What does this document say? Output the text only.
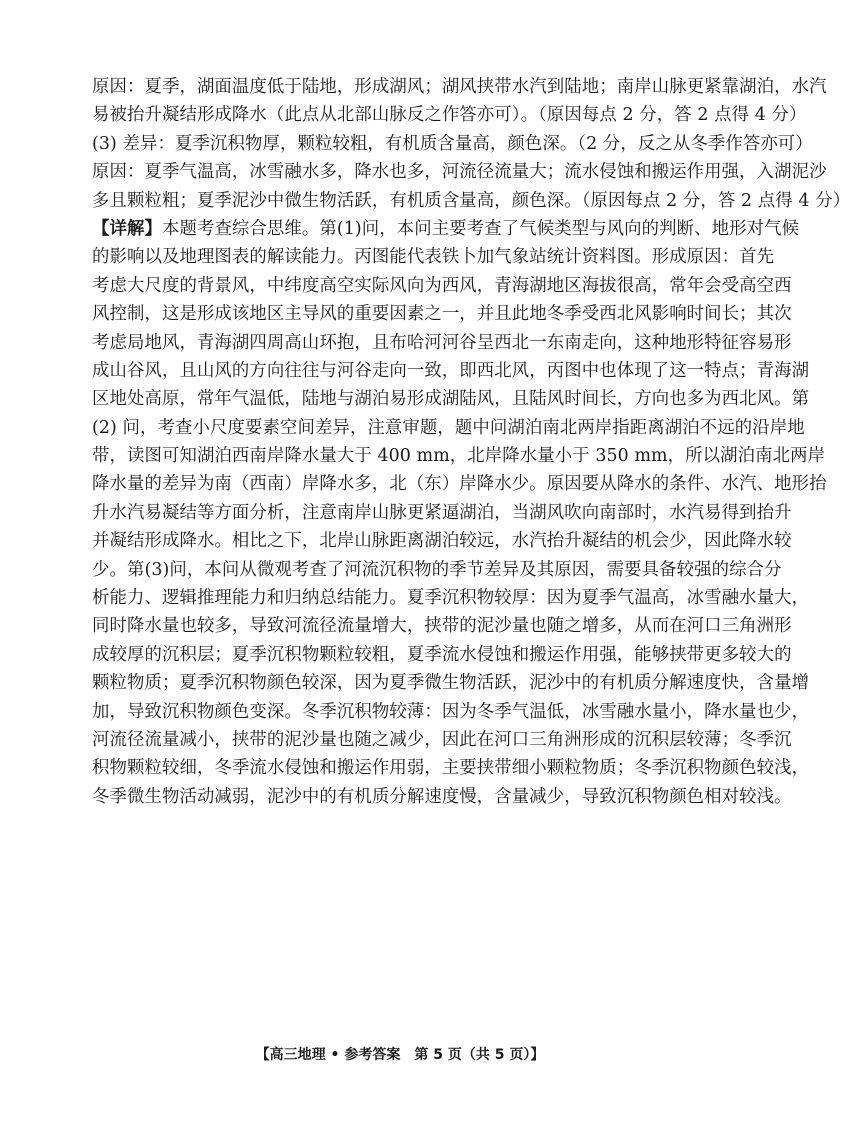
原因：夏季，湖面温度低于陆地，形成湖风；湖风挟带水汽到陆地；南岸山脉更紧靠湖泊，水汽
易被抬升凝结形成降水（此点从北部山脉反之作答亦可）。（原因每点 2 分，答 2 点得 4 分）
(3) 差异：夏季沉积物厚，颗粒较粗，有机质含量高，颜色深。（2 分，反之从冬季作答亦可）
原因：夏季气温高，冰雪融水多，降水也多，河流径流量大；流水侵蚀和搬运作用强，入湖泥沙
多且颗粒粗；夏季泥沙中微生物活跃，有机质含量高，颜色深。（原因每点 2 分，答 2 点得 4 分）
【详解】本题考查综合思维。第(1)问，本问主要考查了气候类型与风向的判断、地形对气候
的影响以及地理图表的解读能力。丙图能代表铁卜加气象站统计资料图。形成原因：首先
考虑大尺度的背景风，中纬度高空实际风向为西风，青海湖地区海拔很高，常年会受高空西
风控制，这是形成该地区主导风的重要因素之一，并且此地冬季受西北风影响时间长；其次
考虑局地风，青海湖四周高山环抱，且布哈河河谷呈西北一东南走向，这种地形特征容易形
成山谷风，且山风的方向往往与河谷走向一致，即西北风，丙图中也体现了这一特点；青海湖
区地处高原，常年气温低，陆地与湖泊易形成湖陆风，且陆风时间长，方向也多为西北风。第
(2) 问，考查小尺度要素空间差异，注意审题，题中问湖泊南北两岸指距离湖泊不远的沿岸地
带，读图可知湖泊西南岸降水量大于 400 mm，北岸降水量小于 350 mm，所以湖泊南北两岸
降水量的差异为南（西南）岸降水多，北（东）岸降水少。原因要从降水的条件、水汽、地形抬
升水汽易凝结等方面分析，注意南岸山脉更紧逼湖泊，当湖风吹向南部时，水汽易得到抬升
并凝结形成降水。相比之下，北岸山脉距离湖泊较远，水汽抬升凝结的机会少，因此降水较
少。第(3)问，本问从微观考查了河流沉积物的季节差异及其原因，需要具备较强的综合分
析能力、逻辑推理能力和归纳总结能力。夏季沉积物较厚：因为夏季气温高，冰雪融水量大，
同时降水量也较多，导致河流径流量增大，挟带的泥沙量也随之增多，从而在河口三角洲形
成较厚的沉积层；夏季沉积物颗粒较粗，夏季流水侵蚀和搬运作用强，能够挟带更多较大的
颗粒物质；夏季沉积物颜色较深，因为夏季微生物活跃，泥沙中的有机质分解速度快，含量增
加，导致沉积物颜色变深。冬季沉积物较薄：因为冬季气温低，冰雪融水量小，降水量也少，
河流径流量减小，挟带的泥沙量也随之减少，因此在河口三角洲形成的沉积层较薄；冬季沉
积物颗粒较细，冬季流水侵蚀和搬运作用弱，主要挟带细小颗粒物质；冬季沉积物颜色较浅，
冬季微生物活动减弱，泥沙中的有机质分解速度慢，含量减少，导致沉积物颜色相对较浅。
【高三地理 • 参考答案　第 5 页（共 5 页）】
